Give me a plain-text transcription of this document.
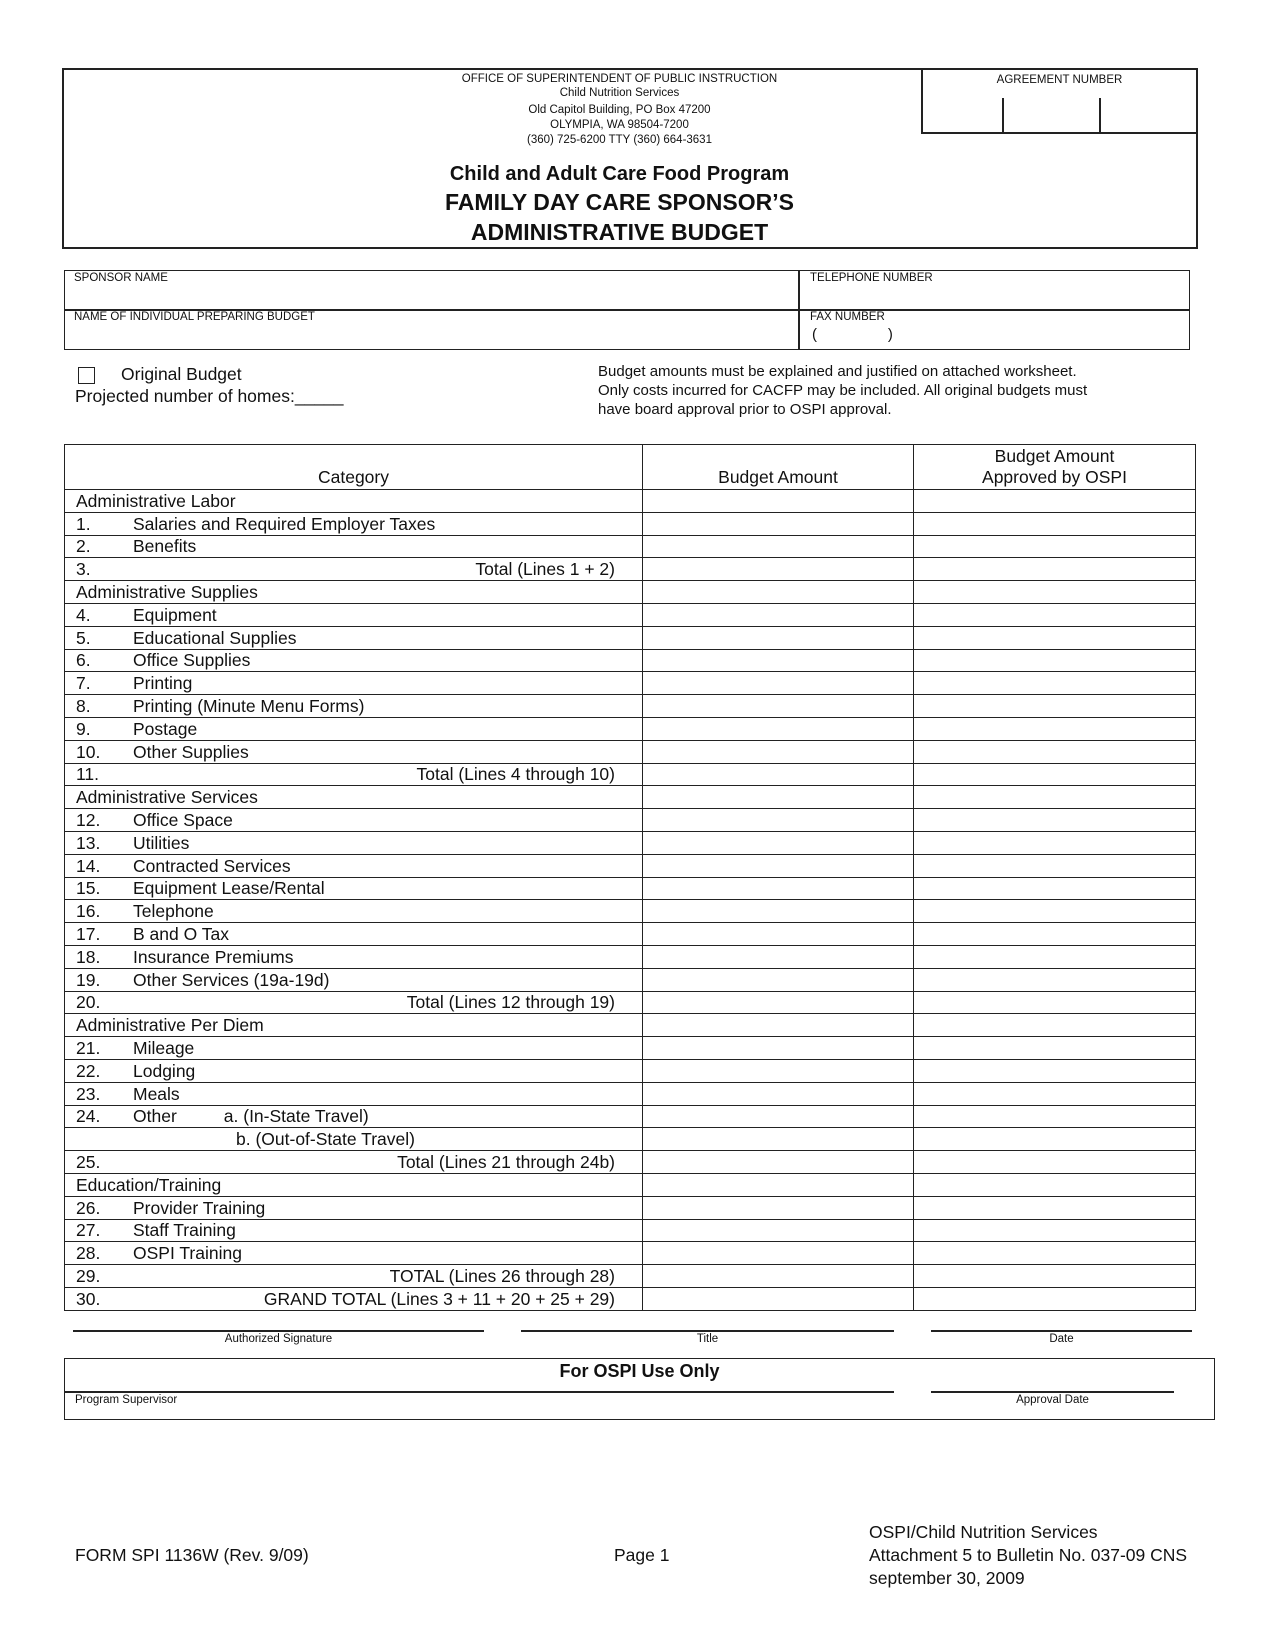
OFFICE OF SUPERINTENDENT OF PUBLIC INSTRUCTION
Child Nutrition Services
Old Capitol Building, PO Box 47200
OLYMPIA, WA 98504-7200
(360) 725-6200 TTY (360) 664-3631
Child and Adult Care Food Program
FAMILY DAY CARE SPONSOR’S
ADMINISTRATIVE BUDGET
AGREEMENT NUMBER
SPONSOR NAME	TELEPHONE NUMBER
NAME OF INDIVIDUAL PREPARING BUDGET	FAX NUMBER
(                 )
Original Budget
Projected number of homes:_____
Budget amounts must be explained and justified on attached worksheet.
Only costs incurred for CACFP may be included. All original budgets must
have board approval prior to OSPI approval.
Category	Budget Amount	Budget Amount
Approved by OSPI
Administrative Labor		
1. Salaries and Required Employer Taxes		
2. Benefits		
3. Total (Lines 1 + 2)		

Administrative Supplies		
4. Equipment		
5. Educational Supplies		
6. Office Supplies		
7. Printing		
8. Printing (Minute Menu Forms)		
9. Postage		
10. Other Supplies		
11. Total (Lines 4 through 10)		

Administrative Services		
12. Office Space		
13. Utilities		
14. Contracted Services		
15. Equipment Lease/Rental		
16. Telephone		
17. B and O Tax		
18. Insurance Premiums		
19. Other Services (19a-19d)		
20. Total (Lines 12 through 19)		

Administrative Per Diem		
21. Mileage		
22. Lodging		
23. Meals		
24. Other a. (In-State Travel)		
b. (Out-of-State Travel)		
25. Total (Lines 21 through 24b)		

Education/Training		
26. Provider Training		
27. Staff Training		
28. OSPI Training		
29. TOTAL (Lines 26 through 28)		

30. GRAND TOTAL (Lines 3 + 11 + 20 + 25 + 29)		

Authorized Signature	Title	Date
For OSPI Use Only
Program Supervisor	Approval Date
FORM SPI 1136W (Rev. 9/09)	Page 1
OSPI/Child Nutrition Services
Attachment 5 to Bulletin No. 037-09 CNS
september 30, 2009
